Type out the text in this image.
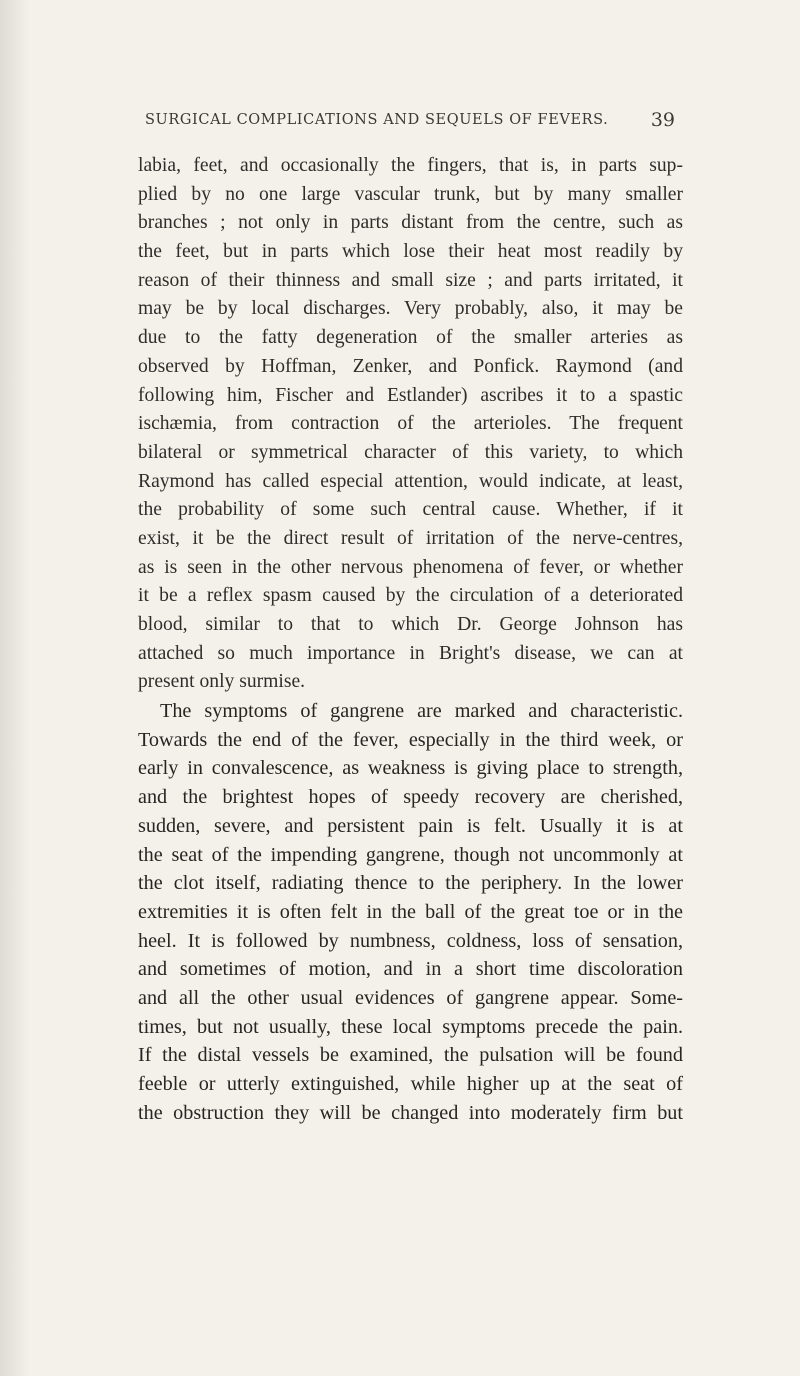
SURGICAL COMPLICATIONS AND SEQUELS OF FEVERS. 39
labia, feet, and occasionally the fingers, that is, in parts sup-
plied by no one large vascular trunk, but by many smaller
branches ; not only in parts distant from the centre, such as
the feet, but in parts which lose their heat most readily by
reason of their thinness and small size ; and parts irritated, it
may be by local discharges. Very probably, also, it may be
due to the fatty degeneration of the smaller arteries as
observed by Hoffman, Zenker, and Ponfick. Raymond (and
following him, Fischer and Estlander) ascribes it to a spastic
ischæmia, from contraction of the arterioles. The frequent
bilateral or symmetrical character of this variety, to which
Raymond has called especial attention, would indicate, at least,
the probability of some such central cause. Whether, if it
exist, it be the direct result of irritation of the nerve-centres,
as is seen in the other nervous phenomena of fever, or whether
it be a reflex spasm caused by the circulation of a deteriorated
blood, similar to that to which Dr. George Johnson has
attached so much importance in Bright's disease, we can at
present only surmise.
The symptoms of gangrene are marked and characteristic.
Towards the end of the fever, especially in the third week, or
early in convalescence, as weakness is giving place to strength,
and the brightest hopes of speedy recovery are cherished,
sudden, severe, and persistent pain is felt. Usually it is at
the seat of the impending gangrene, though not uncommonly at
the clot itself, radiating thence to the periphery. In the lower
extremities it is often felt in the ball of the great toe or in the
heel. It is followed by numbness, coldness, loss of sensation,
and sometimes of motion, and in a short time discoloration
and all the other usual evidences of gangrene appear. Some-
times, but not usually, these local symptoms precede the pain.
If the distal vessels be examined, the pulsation will be found
feeble or utterly extinguished, while higher up at the seat of
the obstruction they will be changed into moderately firm but
